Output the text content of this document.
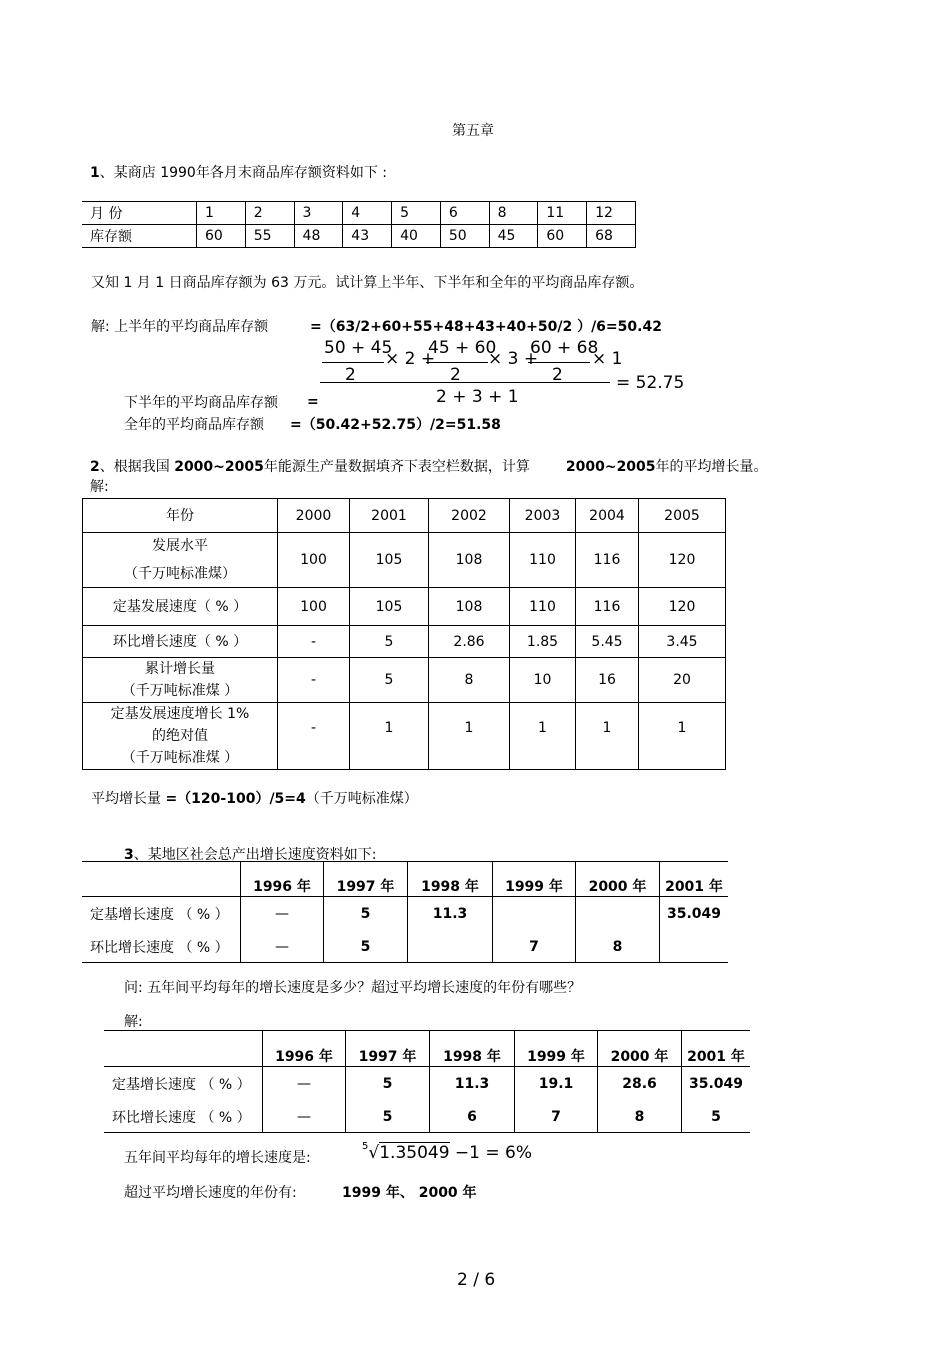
第五章
1、某商店 1990年各月末商品库存额资料如下 :
月 份	1	2	3	4	5	6	8	11	12
库存额	60	55	48	43	40	50	45	60	68
又知 1 月 1 日商品库存额为 63 万元。试计算上半年、下半年和全年的平均商品库存额。
解: 上半年的平均商品库存额	=（63/2+60+55+48+43+40+50/2 ）/6=50.42
50 + 45
2
× 2 +
45 + 60
2
× 3 +
60 + 68
2
× 1
2 + 3 + 1
= 52.75
下半年的平均商品库存额 =
全年的平均商品库存额 =（50.42+52.75）/2=51.58
2、根据我国 2000~2005年能源生产量数据填齐下表空栏数据，计算	2000~2005年的平均增长量。
解:
年份	2000	2001	2002	2003	2004	2005

发展水平
（千万吨标准煤）	100	105	108	110	116	120
定基发展速度（ % ）	100	105	108	110	116	120
环比增长速度（ % ）	-	5	2.86	1.85	5.45	3.45

累计增长量
（千万吨标准煤 ）	-	5	8	10	16	20

定基发展速度增长 1%
的绝对值
（千万吨标准煤 ）	-	1	1	1	1	1
平均增长量 =（120-100）/5=4（千万吨标准煤）
3、某地区社会总产出增长速度资料如下:
	1996 年	1997 年	1998 年	1999 年	2000 年	2001 年
定基增长速度 （ % ）	—	5	11.3			35.049
环比增长速度 （ % ）	—	5		7	8	
问: 五年间平均每年的增长速度是多少？超过平均增长速度的年份有哪些？
解:
	1996 年	1997 年	1998 年	1999 年	2000 年	2001 年
定基增长速度 （ % ）	—	5	11.3	19.1	28.6	35.049
环比增长速度 （ % ）	—	5	6	7	8	5
五年间平均每年的增长速度是:
$^5$√1.35049 −1 = 6%
超过平均增长速度的年份有:	1999 年、 2000 年
2 / 6
